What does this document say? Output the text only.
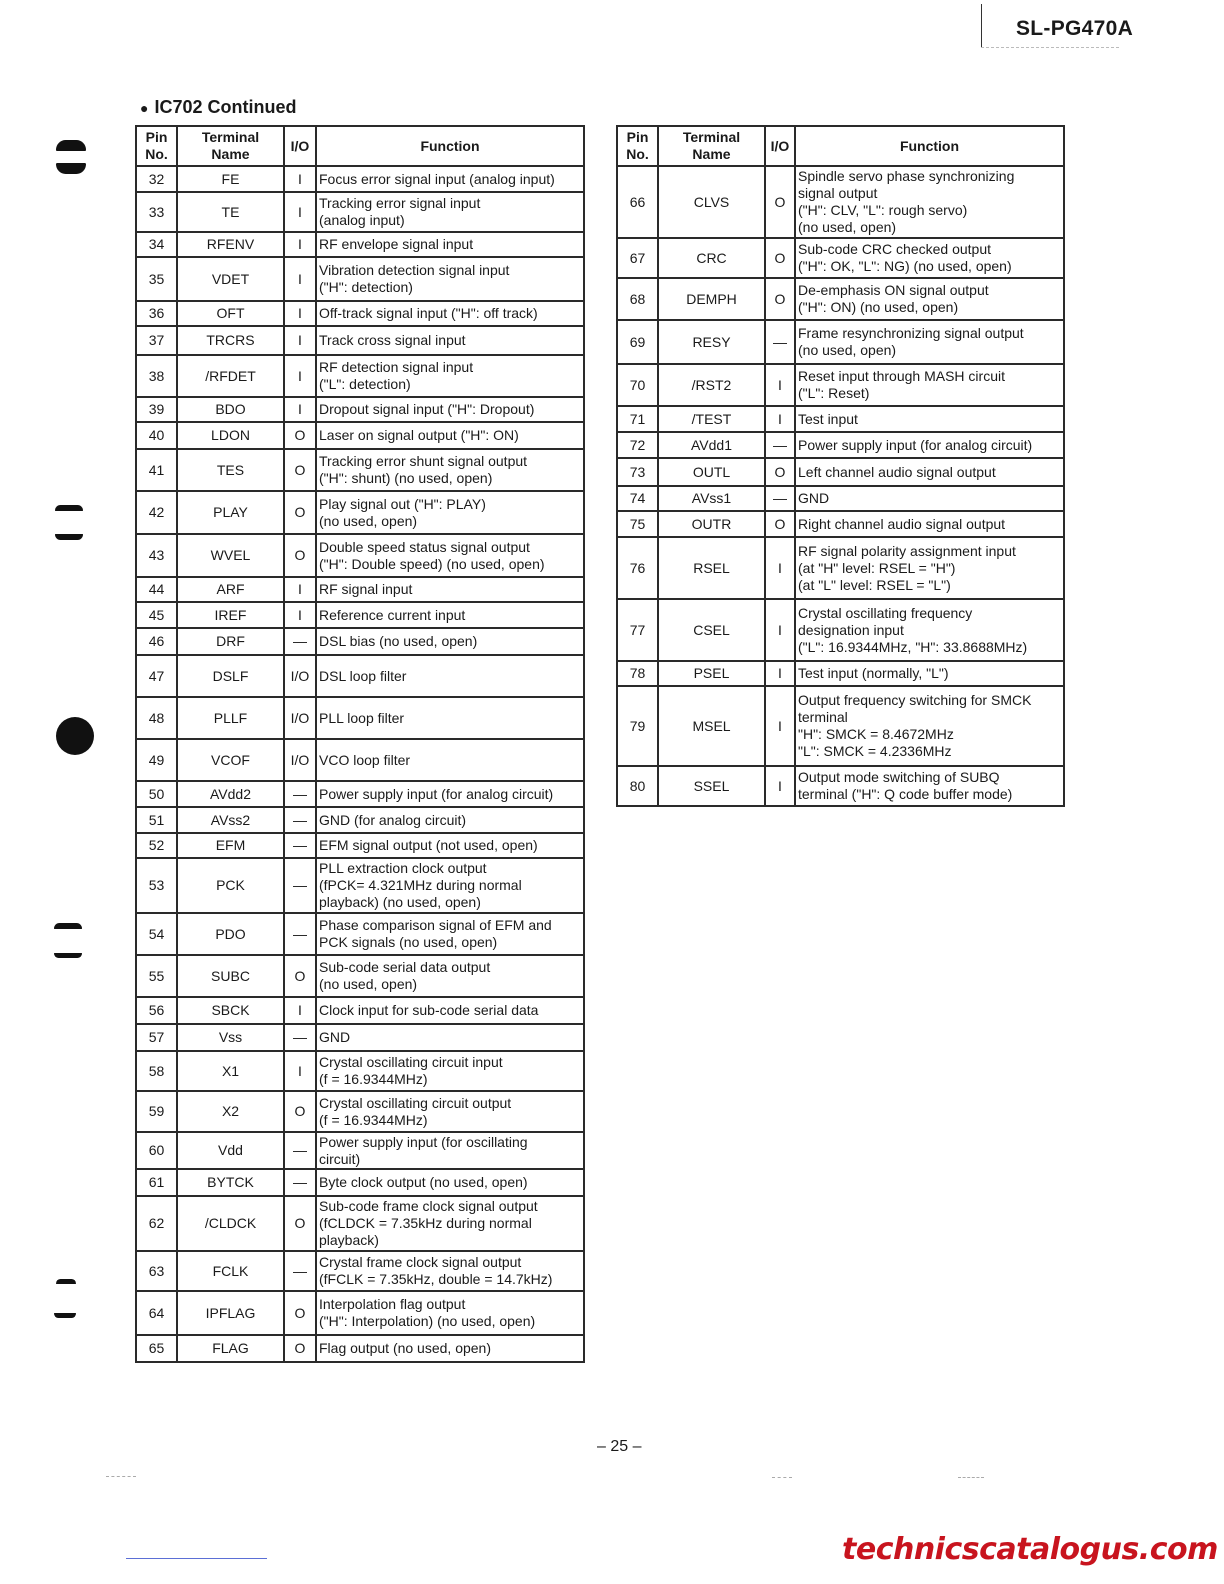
SL-PG470A
● IC702 Continued
Pin
No.	Terminal
Name	I/O	Function
32	FE	I	Focus error signal input (analog input)

33	TE	I	Tracking error signal input
(analog input)

34	RFENV	I	RF envelope signal input

35	VDET	I	Vibration detection signal input
("H": detection)

36	OFT	I	Off-track signal input ("H": off track)

37	TRCRS	I	Track cross signal input

38	/RFDET	I	RF detection signal input
("L": detection)

39	BDO	I	Dropout signal input ("H": Dropout)

40	LDON	O	Laser on signal output ("H": ON)

41	TES	O	Tracking error shunt signal output
("H": shunt) (no used, open)

42	PLAY	O	Play signal out ("H": PLAY)
(no used, open)

43	WVEL	O	Double speed status signal output
("H": Double speed) (no used, open)

44	ARF	I	RF signal input

45	IREF	I	Reference current input

46	DRF	—	DSL bias (no used, open)

47	DSLF	I/O	DSL loop filter

48	PLLF	I/O	PLL loop filter

49	VCOF	I/O	VCO loop filter

50	AVdd2	—	Power supply input (for analog circuit)

51	AVss2	—	GND (for analog circuit)

52	EFM	—	EFM signal output (not used, open)

53	PCK	—	PLL extraction clock output
(fPCK= 4.321MHz during normal
playback) (no used, open)

54	PDO	—	Phase comparison signal of EFM and
PCK signals (no used, open)

55	SUBC	O	Sub-code serial data output
(no used, open)

56	SBCK	I	Clock input for sub-code serial data

57	Vss	—	GND

58	X1	I	Crystal oscillating circuit input
(f = 16.9344MHz)

59	X2	O	Crystal oscillating circuit output
(f = 16.9344MHz)

60	Vdd	—	Power supply input (for oscillating
circuit)

61	BYTCK	—	Byte clock output (no used, open)

62	/CLDCK	O	Sub-code frame clock signal output
(fCLDCK = 7.35kHz during normal
playback)

63	FCLK	—	Crystal frame clock signal output
(fFCLK = 7.35kHz, double = 14.7kHz)

64	IPFLAG	O	Interpolation flag output
("H": Interpolation) (no used, open)

65	FLAG	O	Flag output (no used, open)
Pin
No.	Terminal
Name	I/O	Function
66	CLVS	O	Spindle servo phase synchronizing
signal output
("H": CLV, "L": rough servo)
(no used, open)

67	CRC	O	Sub-code CRC checked output
("H": OK, "L": NG) (no used, open)

68	DEMPH	O	De-emphasis ON signal output
("H": ON) (no used, open)

69	RESY	—	Frame resynchronizing signal output
(no used, open)

70	/RST2	I	Reset input through MASH circuit
("L": Reset)

71	/TEST	I	Test input

72	AVdd1	—	Power supply input (for analog circuit)

73	OUTL	O	Left channel audio signal output

74	AVss1	—	GND

75	OUTR	O	Right channel audio signal output

76	RSEL	I	RF signal polarity assignment input
(at "H" level: RSEL = "H")
(at "L" level: RSEL = "L")

77	CSEL	I	Crystal oscillating frequency
designation input
("L": 16.9344MHz, "H": 33.8688MHz)

78	PSEL	I	Test input (normally, "L")

79	MSEL	I	Output frequency switching for SMCK
terminal
"H": SMCK = 8.4672MHz
"L": SMCK = 4.2336MHz

80	SSEL	I	Output mode switching of SUBQ
terminal ("H": Q code buffer mode)
– 25 –
technicscatalogus.com
